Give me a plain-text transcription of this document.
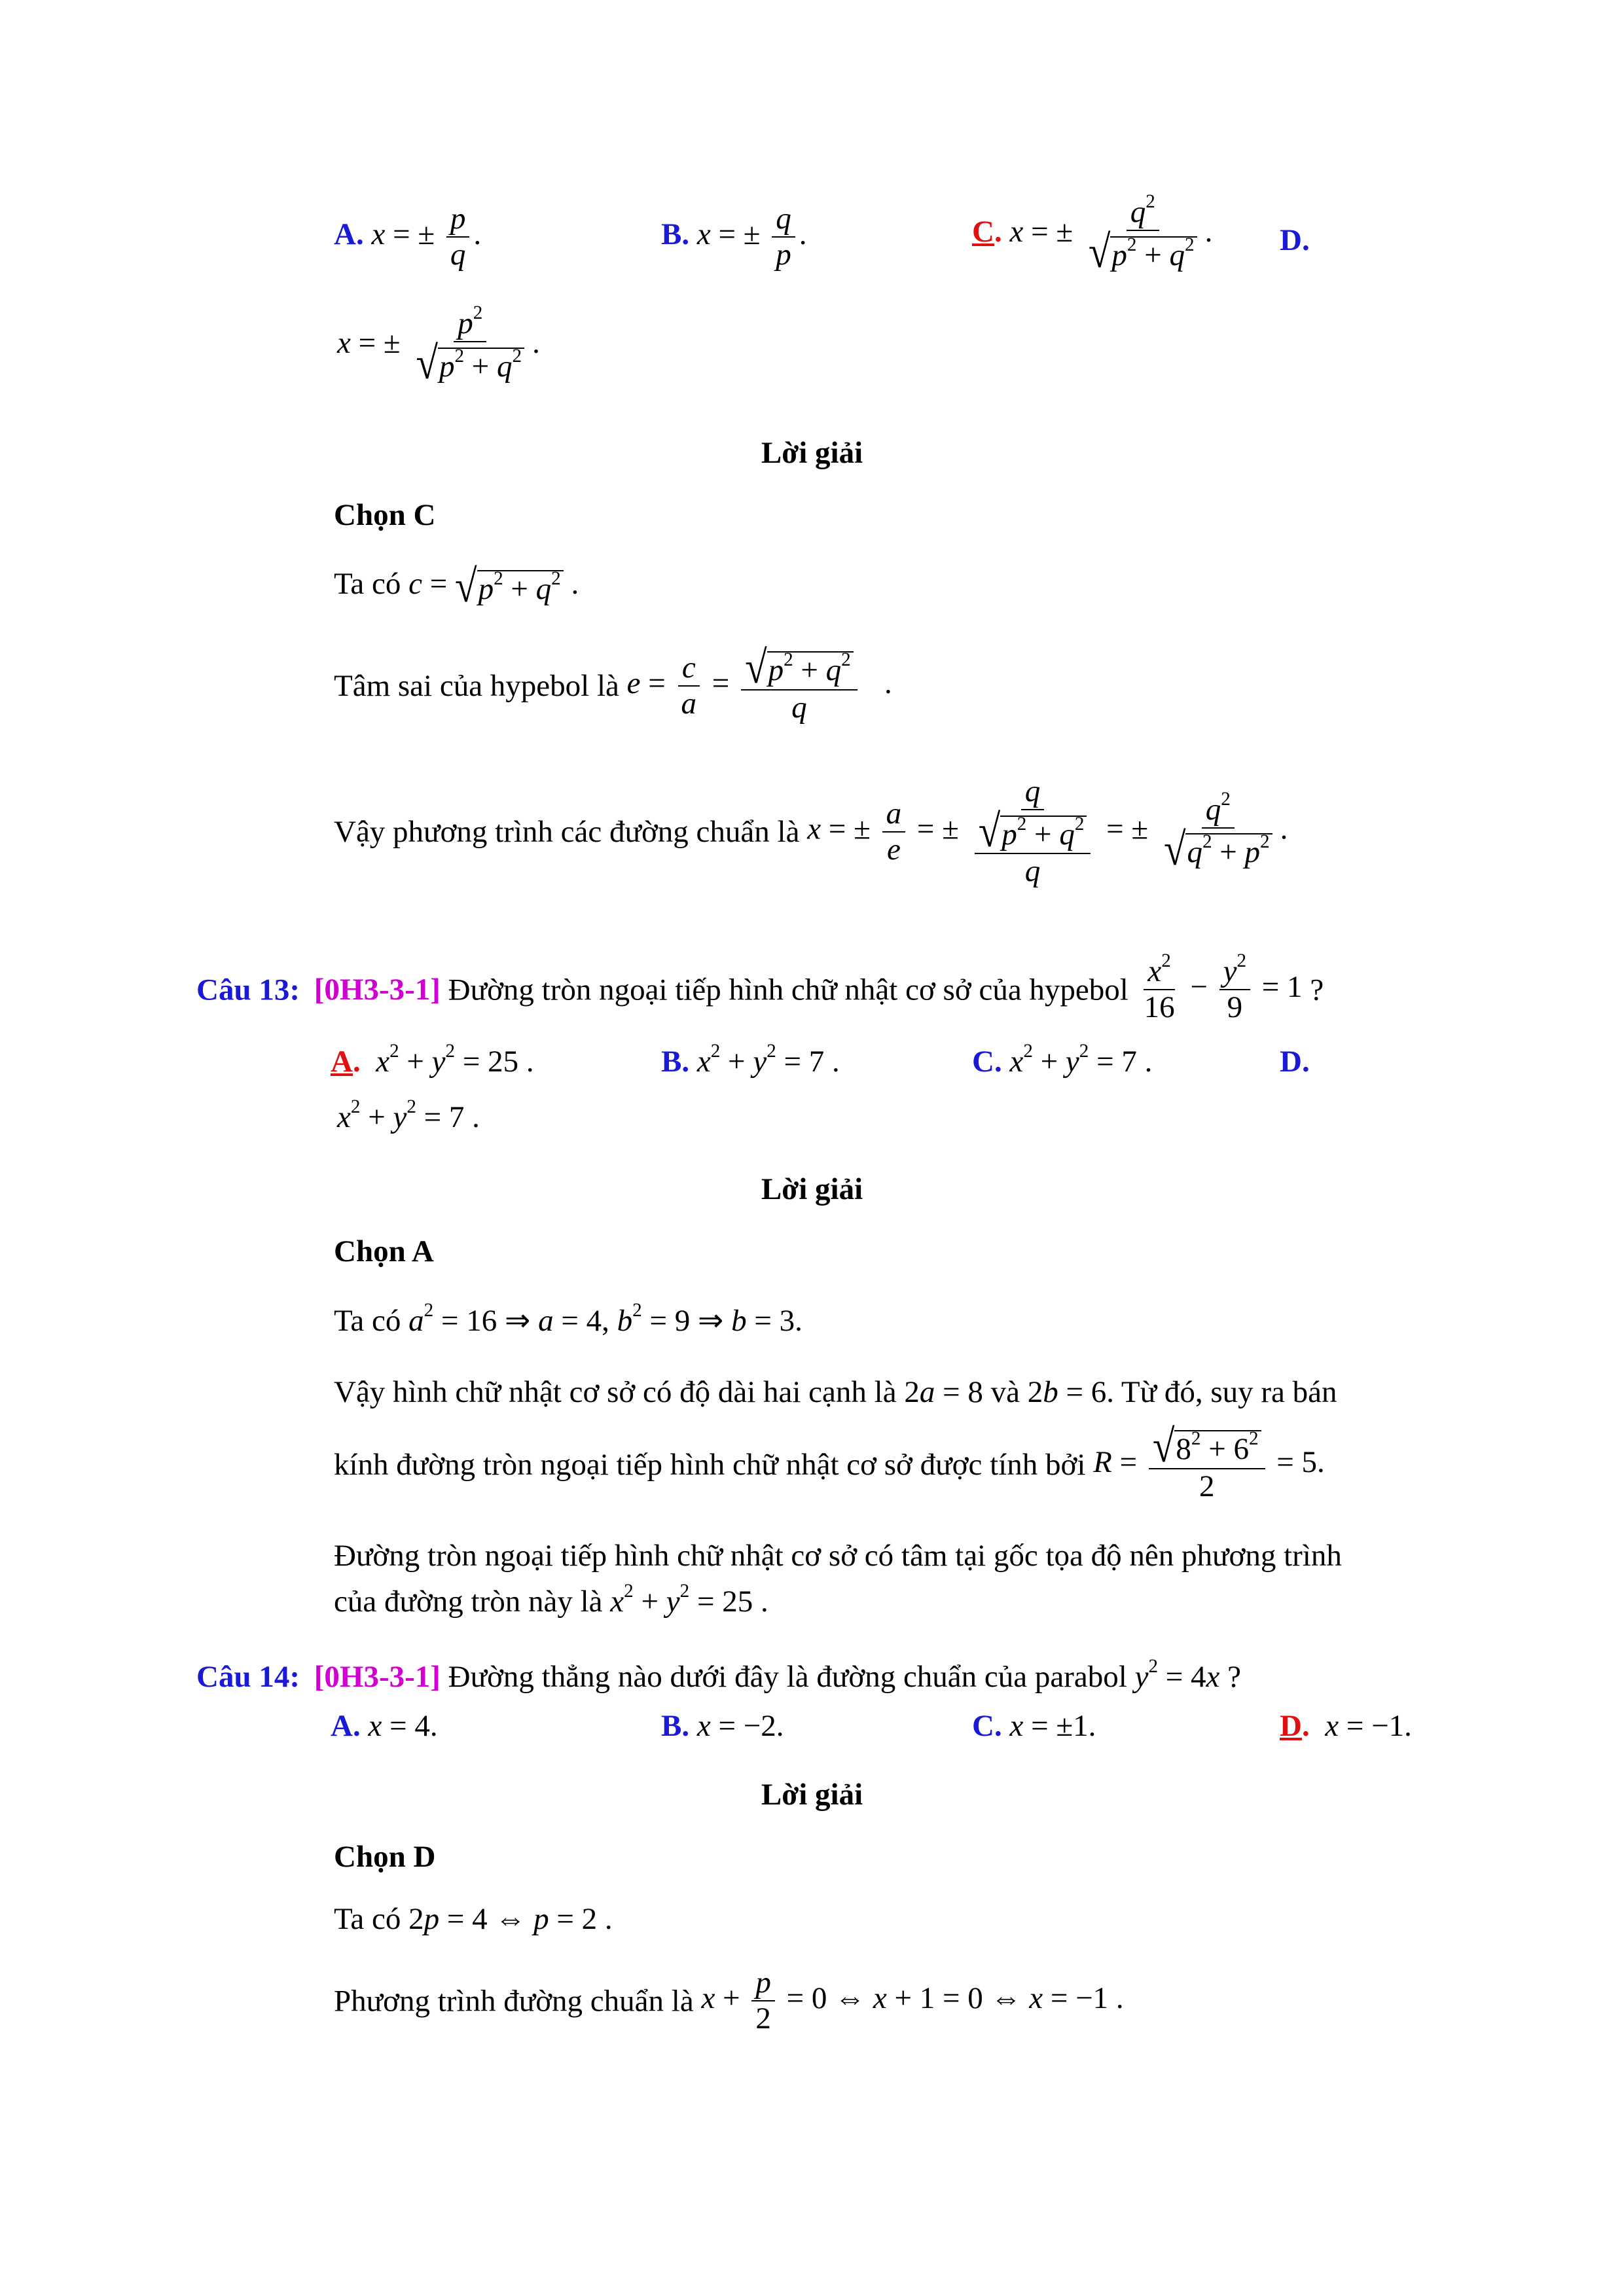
A. x = ± $\frac{p}{q}$ .	B. x = ± $\frac{q}{p}$ .	C. x = ± $\frac{q^2}{√ p^2 + q^2}$ . D.
x = ± $\frac{p^2}{√ p^2 + q^2}$ .
Lời giải
Chọn C
Ta có c = √ $p^2 + q^2$ .
Tâm sai của hypebol là $e = \frac{c}{a} = \frac{√ p^2 + q^2}{q}$ .
Vậy phương trình các đường chuẩn là x = ± $\frac{a}{e}$ = ± $\frac{q}{\frac{√ p^2 + q^2}{q}}$ = ± $\frac{q^2}{√ q^2 + p^2}$ .
Câu 13: [0H3-3-1] Đường tròn ngoại tiếp hình chữ nhật cơ sở của hypebol $\frac{x^2}{16} - \frac{y^2}{9} = 1$ ?
A. $x^2 + y^2 = 25$ .	B. $x^2 + y^2 = 7$ .	C. $x^2 + y^2 = 7$ .	D.
$x^2 + y^2 = 7$ .
Lời giải
Chọn A
Ta có $a^2 = 16$ ⇒ a = 4, $b^2 = 9$ ⇒ b = 3.
Vậy hình chữ nhật cơ sở có độ dài hai cạnh là 2a = 8 và 2b = 6. Từ đó, suy ra bán
kính đường tròn ngoại tiếp hình chữ nhật cơ sở được tính bởi $R = \frac{√ 8^2 + 6^2}{2} = 5$.
Đường tròn ngoại tiếp hình chữ nhật cơ sở có tâm tại gốc tọa độ nên phương trình
của đường tròn này là $x^2 + y^2 = 25$ .
Câu 14: [0H3-3-1] Đường thẳng nào dưới đây là đường chuẩn của parabol $y^2 = 4x$ ?
A. x = 4.	B. x = −2.	C. x = ±1.	D. x = −1.
Lời giải
Chọn D
Ta có 2p = 4 ⇔ p = 2 .
Phương trình đường chuẩn là $x + \frac{p}{2} = 0$ ⇔ x + 1 = 0 ⇔ x = −1 .
